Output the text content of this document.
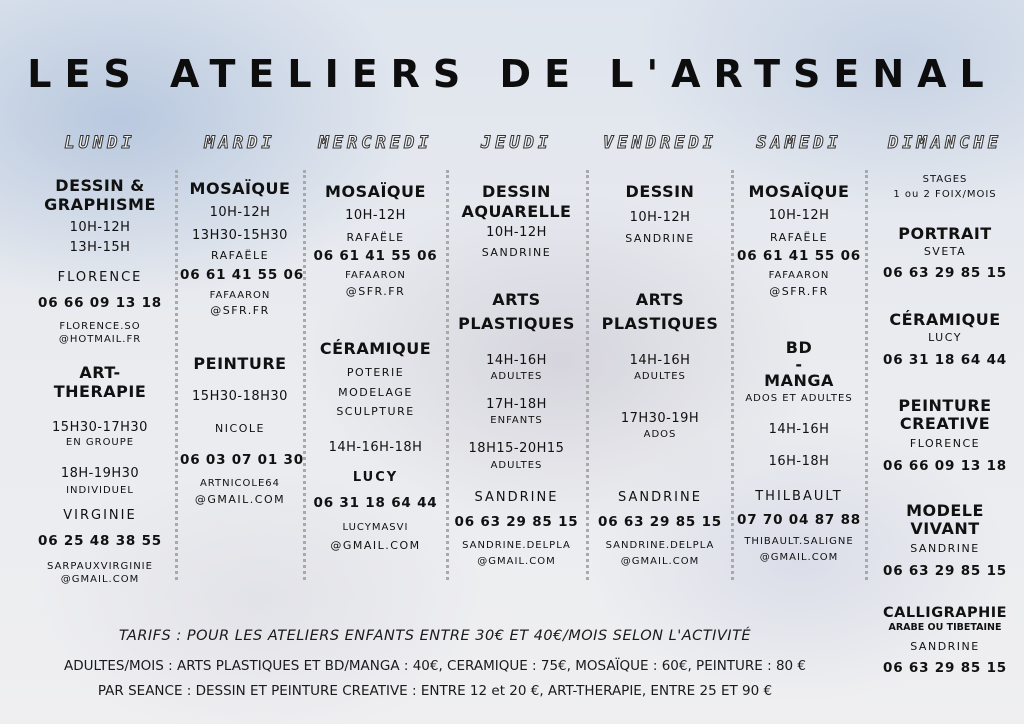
LES ATELIERS DE L'ARTSENAL
LUNDI
DESSIN &
GRAPHISME
10H-12H
13H-15H
FLORENCE
06 66 09 13 18
FLORENCE.SO
@HOTMAIL.FR
ART-
THERAPIE
15H30-17H30
EN GROUPE
18H-19H30
INDIVIDUEL
VIRGINIE
06 25 48 38 55
SARPAUXVIRGINIE
@GMAIL.COM
MARDI
MOSAÏQUE
10H-12H
13H30-15H30
RAFAËLE
06 61 41 55 06
FAFAARON
@SFR.FR
PEINTURE
15H30-18H30
NICOLE
06 03 07 01 30
ARTNICOLE64
@GMAIL.COM
MERCREDI
MOSAÏQUE
10H-12H
RAFAËLE
06 61 41 55 06
FAFAARON
@SFR.FR
CÉRAMIQUE
POTERIE
MODELAGE
SCULPTURE
14H-16H-18H
LUCY
06 31 18 64 44
LUCYMASVI
@GMAIL.COM
JEUDI
DESSIN
AQUARELLE
10H-12H
SANDRINE
ARTS
PLASTIQUES
14H-16H
ADULTES
17H-18H
ENFANTS
18H15-20H15
ADULTES
SANDRINE
06 63 29 85 15
SANDRINE.DELPLA
@GMAIL.COM
VENDREDI
DESSIN
10H-12H
SANDRINE
ARTS
PLASTIQUES
14H-16H
ADULTES
17H30-19H
ADOS
SANDRINE
06 63 29 85 15
SANDRINE.DELPLA
@GMAIL.COM
SAMEDI
MOSAÏQUE
10H-12H
RAFAËLE
06 61 41 55 06
FAFAARON
@SFR.FR
BD
-
MANGA
ADOS ET ADULTES
14H-16H
16H-18H
THILBAULT
07 70 04 87 88
THIBAULT.SALIGNE
@GMAIL.COM
DIMANCHE
STAGES
1 ou 2 FOIX/MOIS
PORTRAIT
SVETA
06 63 29 85 15
CÉRAMIQUE
LUCY
06 31 18 64 44
PEINTURE
CREATIVE
FLORENCE
06 66 09 13 18
MODELE
VIVANT
SANDRINE
06 63 29 85 15
CALLIGRAPHIE
ARABE OU TIBETAINE
SANDRINE
06 63 29 85 15
TARIFS : POUR LES ATELIERS ENFANTS ENTRE 30€ ET 40€/MOIS SELON L'ACTIVITÉ
ADULTES/MOIS : ARTS PLASTIQUES ET BD/MANGA : 40€, CERAMIQUE : 75€, MOSAÏQUE : 60€, PEINTURE : 80 €
PAR SEANCE : DESSIN ET PEINTURE CREATIVE : ENTRE 12 et 20 €, ART-THERAPIE, ENTRE 25 ET 90 €
